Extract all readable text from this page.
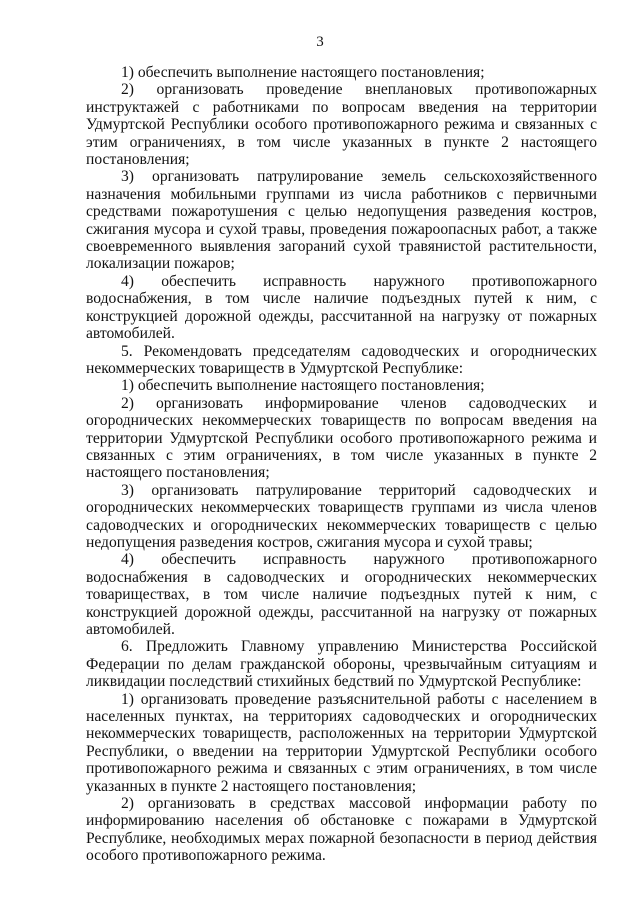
3

1) обеспечить выполнение настоящего постановления;

2) организовать проведение внеплановых противопожарных инструктажей с работниками по вопросам введения на территории Удмуртской Республики особого противопожарного режима и связанных с этим ограничениях, в том числе указанных в пункте 2 настоящего постановления;

3) организовать патрулирование земель сельскохозяйственного назначения мобильными группами из числа работников с первичными средствами пожаротушения с целью недопущения разведения костров, сжигания мусора и сухой травы, проведения пожароопасных работ, а также своевременного выявления загораний сухой травянистой растительности, локализации пожаров;

4) обеспечить исправность наружного противопожарного водоснабжения, в том числе наличие подъездных путей к ним, с конструкцией дорожной одежды, рассчитанной на нагрузку от пожарных автомобилей.

5. Рекомендовать председателям садоводческих и огороднических некоммерческих товариществ в Удмуртской Республике:

1) обеспечить выполнение настоящего постановления;

2) организовать информирование членов садоводческих и огороднических некоммерческих товариществ по вопросам введения на территории Удмуртской Республики особого противопожарного режима и связанных с этим ограничениях, в том числе указанных в пункте 2 настоящего постановления;

3) организовать патрулирование территорий садоводческих и огороднических некоммерческих товариществ группами из числа членов садоводческих и огороднических некоммерческих товариществ с целью недопущения разведения костров, сжигания мусора и сухой травы;

4) обеспечить исправность наружного противопожарного водоснабжения в садоводческих и огороднических некоммерческих товариществах, в том числе наличие подъездных путей к ним, с конструкцией дорожной одежды, рассчитанной на нагрузку от пожарных автомобилей.

6. Предложить Главному управлению Министерства Российской Федерации по делам гражданской обороны, чрезвычайным ситуациям и ликвидации последствий стихийных бедствий по Удмуртской Республике:

1) организовать проведение разъяснительной работы с населением в населенных пунктах, на территориях садоводческих и огороднических некоммерческих товариществ, расположенных на территории Удмуртской Республики, о введении на территории Удмуртской Республики особого противопожарного режима и связанных с этим ограничениях, в том числе указанных в пункте 2 настоящего постановления;

2) организовать в средствах массовой информации работу по информированию населения об обстановке с пожарами в Удмуртской Республике, необходимых мерах пожарной безопасности в период действия особого противопожарного режима.
